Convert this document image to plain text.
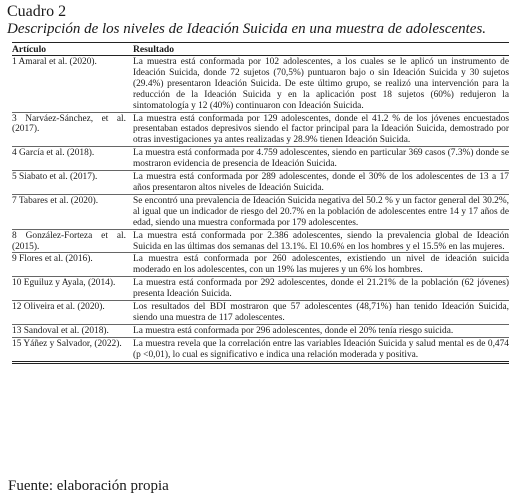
Cuadro 2
Descripción de los niveles de Ideación Suicida en una muestra de adolescentes.
Artículo	Resultado
1 Amaral et al. (2020).	La muestra está conformada por 102 adolescentes, a los cuales se le aplicó un instrumento de Ideación Suicida, donde 72 sujetos (70,5%) puntuaron bajo o sin Ideación Suicida y 30 sujetos (29.4%) presentaron Ideación Suicida. De este último grupo, se realizó una intervención para la reducción de la Ideación Suicida y en la aplicación post 18 sujetos (60%) redujeron la sintomatología y 12 (40%) continuaron con Ideación Suicida.
3 Narváez-Sánchez, et al. (2017).	La muestra está conformada por 129 adolescentes, donde el 41.2 % de los jóvenes encuestados presentaban estados depresivos siendo el factor principal para la Ideación Suicida, demostrado por otras investigaciones ya antes realizadas y 28.9% tienen Ideación Suicida.
4 García et al. (2018).	La muestra está conformada por 4.759 adolescentes, siendo en particular 369 casos (7.3%) donde se mostraron evidencia de presencia de Ideación Suicida.
5 Siabato et al. (2017).	La muestra está conformada por 289 adolescentes, donde el 30% de los adolescentes de 13 a 17 años presentaron altos niveles de Ideación Suicida.
7 Tabares et al. (2020).	Se encontró una prevalencia de Ideación Suicida negativa del 50.2 % y un factor general del 30.2%, al igual que un indicador de riesgo del 20.7% en la población de adolescentes entre 14 y 17 años de edad, siendo una muestra conformada por 179 adolescentes.
8 González-Forteza et al. (2015).	La muestra está conformada por 2.386 adolescentes, siendo la prevalencia global de Ideación Suicida en las últimas dos semanas del 13.1%. El 10.6% en los hombres y el 15.5% en las mujeres.
9 Flores et al. (2016).	La muestra está conformada por 260 adolescentes, existiendo un nivel de ideación suicida moderado en los adolescentes, con un 19% las mujeres y un 6% los hombres.
10 Eguiluz y Ayala, (2014).	La muestra está conformada por 292 adolescentes, donde el 21.21% de la población (62 jóvenes) presenta Ideación Suicida.
12 Oliveira et al. (2020).	Los resultados del BDI mostraron que 57 adolescentes (48,71%) han tenido Ideación Suicida, siendo una muestra de 117 adolescentes.
13 Sandoval et al. (2018).	La muestra está conformada por 296 adolescentes, donde el 20% tenía riesgo suicida.
15 Yáñez y Salvador, (2022).	La muestra revela que la correlación entre las variables Ideación Suicida y salud mental es de 0,474 (p <0,01), lo cual es significativo e indica una relación moderada y positiva.
Fuente: elaboración propia
